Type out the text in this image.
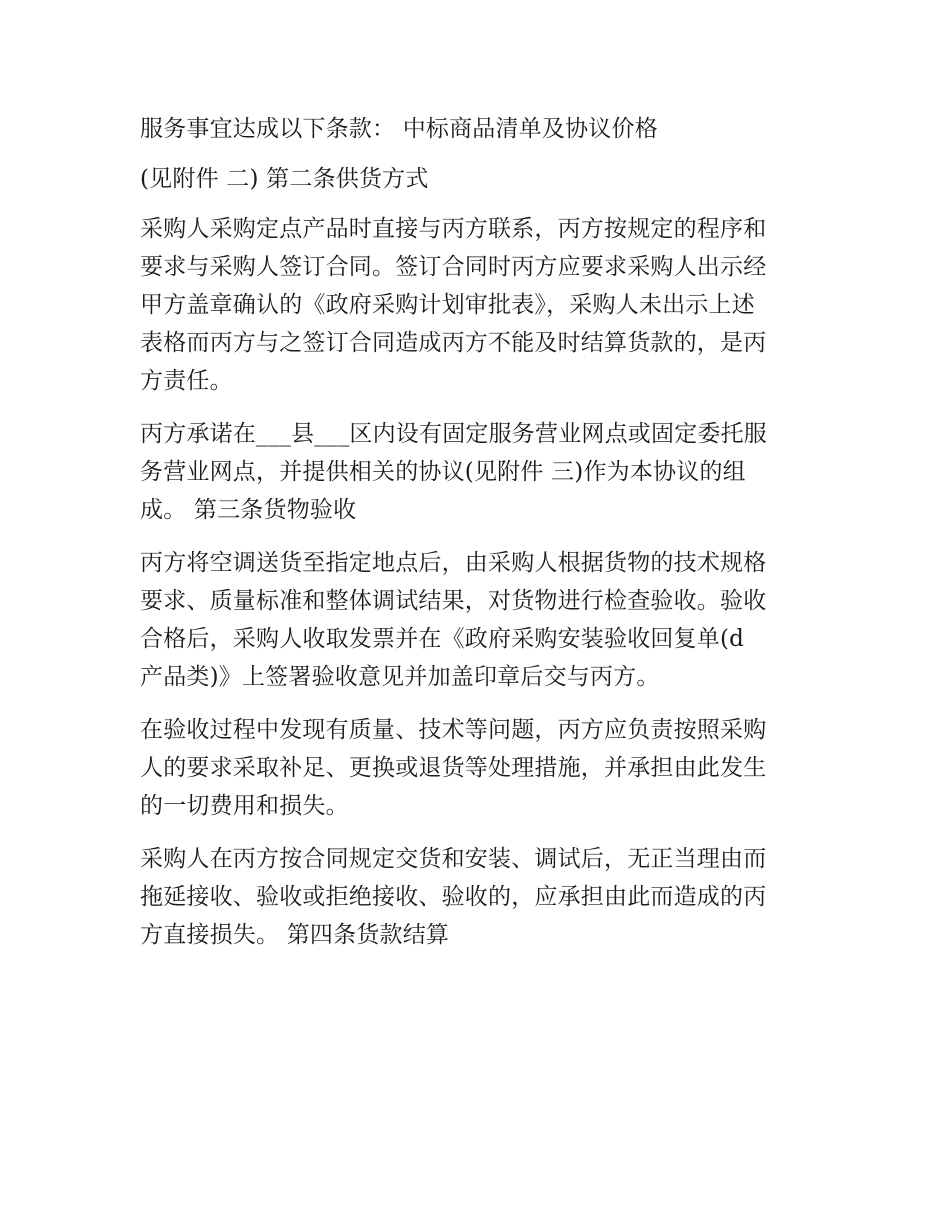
服务事宜达成以下条款： 中标商品清单及协议价格

(见附件 二) 第二条供货方式

采购人采购定点产品时直接与丙方联系，丙方按规定的程序和
要求与采购人签订合同。签订合同时丙方应要求采购人出示经
甲方盖章确认的《政府采购计划审批表》，采购人未出示上述
表格而丙方与之签订合同造成丙方不能及时结算货款的，是丙
方责任。

丙方承诺在___县___区内设有固定服务营业网点或固定委托服
务营业网点，并提供相关的协议(见附件 三)作为本协议的组
成。 第三条货物验收

丙方将空调送货至指定地点后，由采购人根据货物的技术规格
要求、质量标准和整体调试结果，对货物进行检查验收。验收
合格后，采购人收取发票并在《政府采购安装验收回复单(d
产品类)》上签署验收意见并加盖印章后交与丙方。

在验收过程中发现有质量、技术等问题，丙方应负责按照采购
人的要求采取补足、更换或退货等处理措施，并承担由此发生
的一切费用和损失。

采购人在丙方按合同规定交货和安装、调试后，无正当理由而
拖延接收、验收或拒绝接收、验收的，应承担由此而造成的丙
方直接损失。 第四条货款结算
